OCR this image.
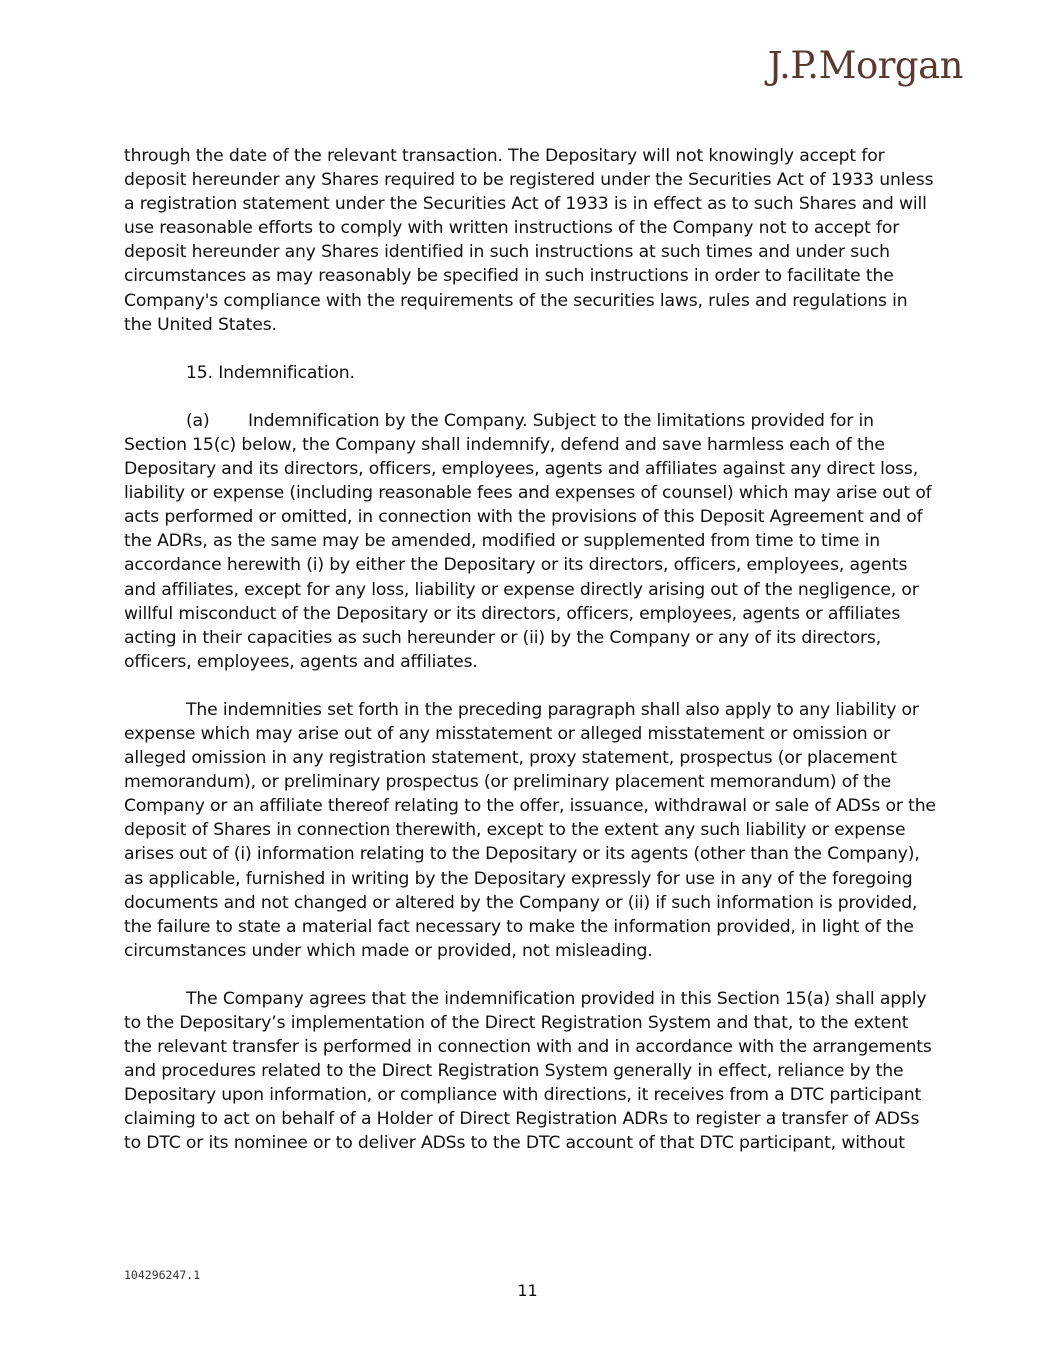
J.P.Morgan

through the date of the relevant transaction. The Depositary will not knowingly accept for deposit hereunder any Shares required to be registered under the Securities Act of 1933 unless a registration statement under the Securities Act of 1933 is in effect as to such Shares and will use reasonable efforts to comply with written instructions of the Company not to accept for deposit hereunder any Shares identified in such instructions at such times and under such circumstances as may reasonably be specified in such instructions in order to facilitate the Company's compliance with the requirements of the securities laws, rules and regulations in the United States.

15. Indemnification.

(a) Indemnification by the Company. Subject to the limitations provided for in Section 15(c) below, the Company shall indemnify, defend and save harmless each of the Depositary and its directors, officers, employees, agents and affiliates against any direct loss, liability or expense (including reasonable fees and expenses of counsel) which may arise out of acts performed or omitted, in connection with the provisions of this Deposit Agreement and of the ADRs, as the same may be amended, modified or supplemented from time to time in accordance herewith (i) by either the Depositary or its directors, officers, employees, agents and affiliates, except for any loss, liability or expense directly arising out of the negligence, or willful misconduct of the Depositary or its directors, officers, employees, agents or affiliates acting in their capacities as such hereunder or (ii) by the Company or any of its directors, officers, employees, agents and affiliates.

The indemnities set forth in the preceding paragraph shall also apply to any liability or expense which may arise out of any misstatement or alleged misstatement or omission or alleged omission in any registration statement, proxy statement, prospectus (or placement memorandum), or preliminary prospectus (or preliminary placement memorandum) of the Company or an affiliate thereof relating to the offer, issuance, withdrawal or sale of ADSs or the deposit of Shares in connection therewith, except to the extent any such liability or expense arises out of (i) information relating to the Depositary or its agents (other than the Company), as applicable, furnished in writing by the Depositary expressly for use in any of the foregoing documents and not changed or altered by the Company or (ii) if such information is provided, the failure to state a material fact necessary to make the information provided, in light of the circumstances under which made or provided, not misleading.

The Company agrees that the indemnification provided in this Section 15(a) shall apply to the Depositary’s implementation of the Direct Registration System and that, to the extent the relevant transfer is performed in connection with and in accordance with the arrangements and procedures related to the Direct Registration System generally in effect, reliance by the Depositary upon information, or compliance with directions, it receives from a DTC participant claiming to act on behalf of a Holder of Direct Registration ADRs to register a transfer of ADSs to DTC or its nominee or to deliver ADSs to the DTC account of that DTC participant, without

104296247.1
11
